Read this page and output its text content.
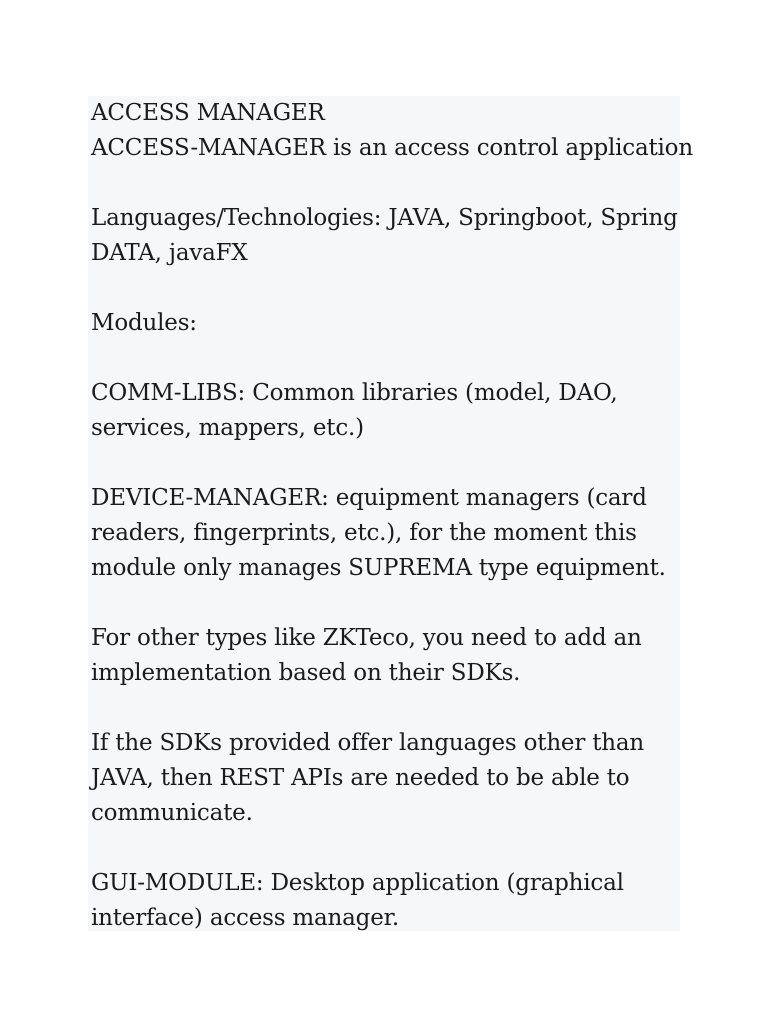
ACCESS MANAGER

ACCESS-MANAGER is an access control application

Languages/Technologies: JAVA, Springboot, Spring

DATA, javaFX

Modules:

COMM-LIBS: Common libraries (model, DAO,

services, mappers, etc.)

DEVICE-MANAGER: equipment managers (card

readers, fingerprints, etc.), for the moment this

module only manages SUPREMA type equipment.

For other types like ZKTeco, you need to add an

implementation based on their SDKs.

If the SDKs provided offer languages other than

JAVA, then REST APIs are needed to be able to

communicate.

GUI-MODULE: Desktop application (graphical

interface) access manager.
